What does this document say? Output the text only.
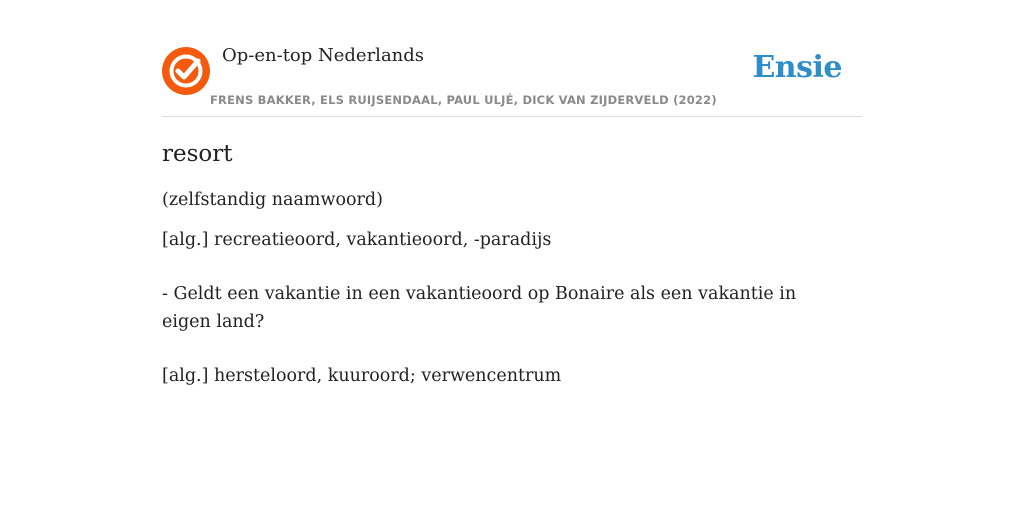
Op-en-top Nederlands
FRENS BAKKER, ELS RUIJSENDAAL, PAUL ULJÉ, DICK VAN ZIJDERVELD (2022)
Ensie
resort
(zelfstandig naamwoord)
[alg.] recreatieoord, vakantieoord, -paradijs
- Geldt een vakantie in een vakantieoord op Bonaire als een vakantie in eigen land?
[alg.] hersteloord, kuuroord; verwencentrum
